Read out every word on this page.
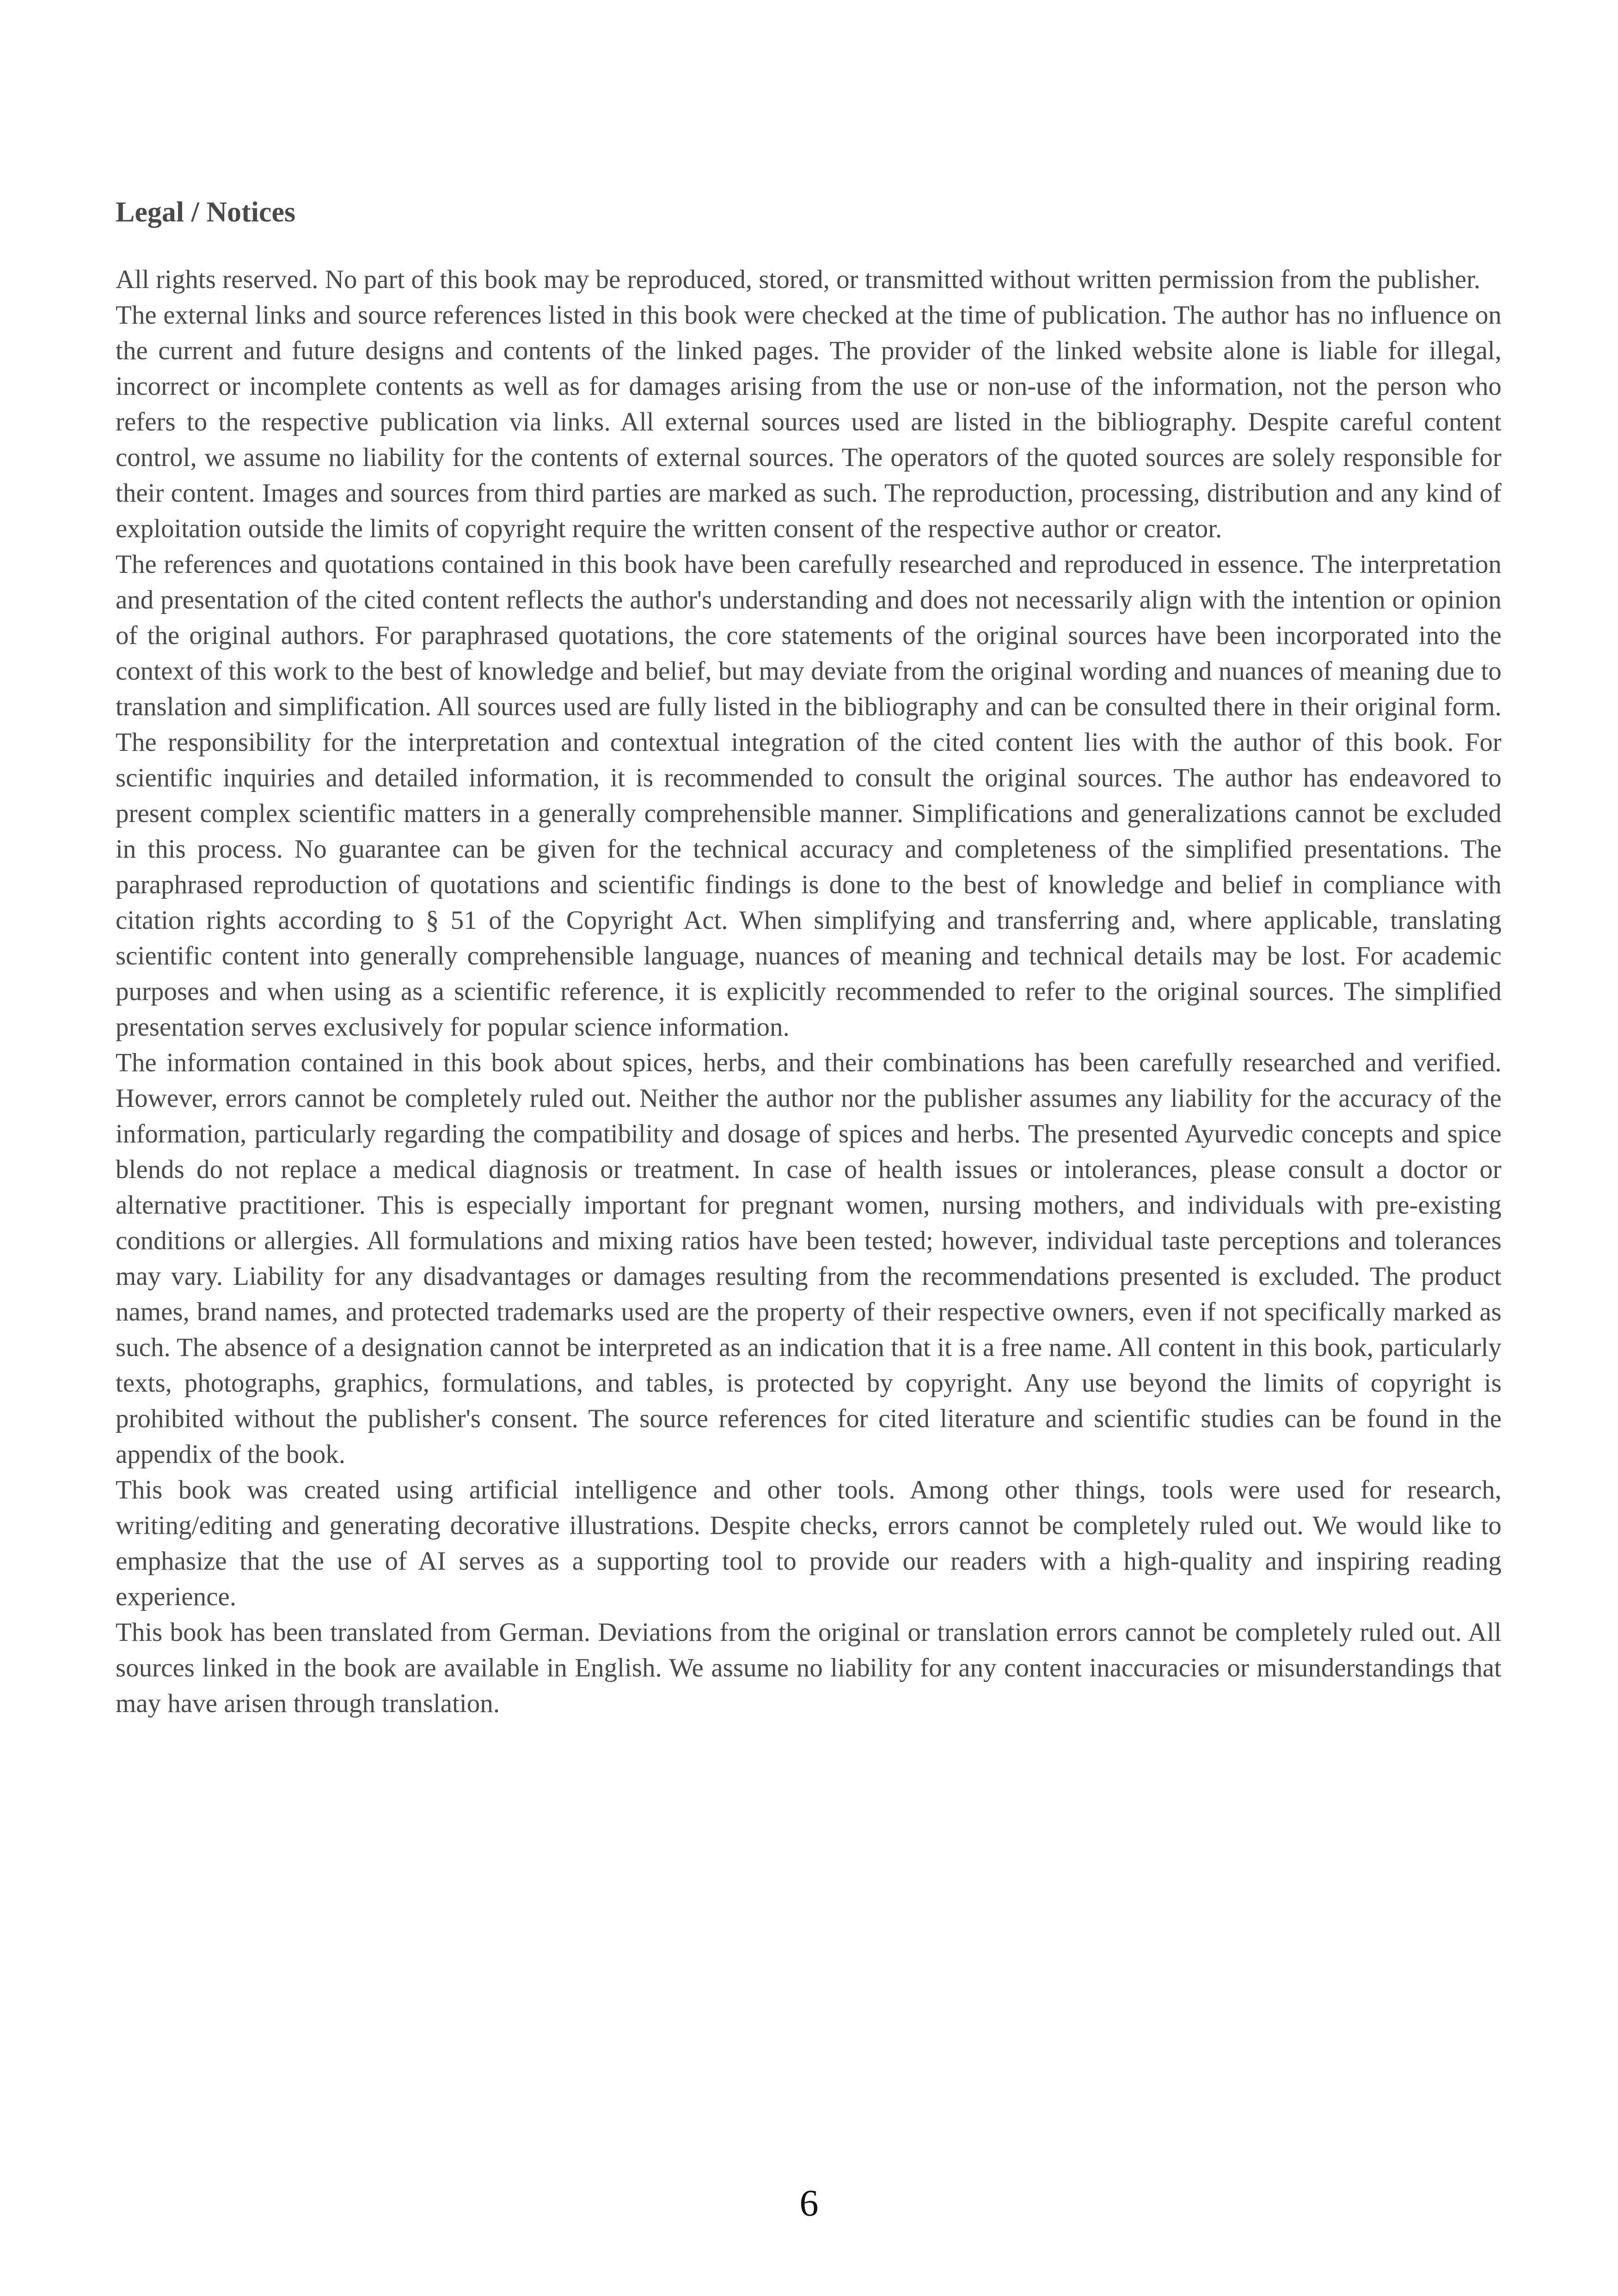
Legal / Notices

All rights reserved. No part of this book may be reproduced, stored, or transmitted without written permission from the publisher.

The external links and source references listed in this book were checked at the time of publication. The author has no influence on the current and future designs and contents of the linked pages. The provider of the linked website alone is liable for illegal, incorrect or incomplete contents as well as for damages arising from the use or non-use of the information, not the person who refers to the respective publication via links. All external sources used are listed in the bibliography. Despite careful content control, we assume no liability for the contents of external sources. The operators of the quoted sources are solely responsible for their content. Images and sources from third parties are marked as such. The reproduction, processing, distribution and any kind of exploitation outside the limits of copyright require the written consent of the respective author or creator.

The references and quotations contained in this book have been carefully researched and reproduced in essence. The interpretation and presentation of the cited content reflects the author's understanding and does not necessarily align with the intention or opinion of the original authors. For paraphrased quotations, the core statements of the original sources have been incorporated into the context of this work to the best of knowledge and belief, but may deviate from the original wording and nuances of meaning due to translation and simplification. All sources used are fully listed in the bibliography and can be consulted there in their original form. The responsibility for the interpretation and contextual integration of the cited content lies with the author of this book. For scientific inquiries and detailed information, it is recommended to consult the original sources. The author has endeavored to present complex scientific matters in a generally comprehensible manner. Simplifications and generalizations cannot be excluded in this process. No guarantee can be given for the technical accuracy and completeness of the simplified presentations. The paraphrased reproduction of quotations and scientific findings is done to the best of knowledge and belief in compliance with citation rights according to § 51 of the Copyright Act. When simplifying and transferring and, where applicable, translating scientific content into generally comprehensible language, nuances of meaning and technical details may be lost. For academic purposes and when using as a scientific reference, it is explicitly recommended to refer to the original sources. The simplified presentation serves exclusively for popular science information.

The information contained in this book about spices, herbs, and their combinations has been carefully researched and verified. However, errors cannot be completely ruled out. Neither the author nor the publisher assumes any liability for the accuracy of the information, particularly regarding the compatibility and dosage of spices and herbs. The presented Ayurvedic concepts and spice blends do not replace a medical diagnosis or treatment. In case of health issues or intolerances, please consult a doctor or alternative practitioner. This is especially important for pregnant women, nursing mothers, and individuals with pre-existing conditions or allergies. All formulations and mixing ratios have been tested; however, individual taste perceptions and tolerances may vary. Liability for any disadvantages or damages resulting from the recommendations presented is excluded. The product names, brand names, and protected trademarks used are the property of their respective owners, even if not specifically marked as such. The absence of a designation cannot be interpreted as an indication that it is a free name. All content in this book, particularly texts, photographs, graphics, formulations, and tables, is protected by copyright. Any use beyond the limits of copyright is prohibited without the publisher's consent. The source references for cited literature and scientific studies can be found in the appendix of the book.

This book was created using artificial intelligence and other tools. Among other things, tools were used for research, writing/editing and generating decorative illustrations. Despite checks, errors cannot be completely ruled out. We would like to emphasize that the use of AI serves as a supporting tool to provide our readers with a high-quality and inspiring reading experience.

This book has been translated from German. Deviations from the original or translation errors cannot be completely ruled out. All sources linked in the book are available in English. We assume no liability for any content inaccuracies or misunderstandings that may have arisen through translation.

6
